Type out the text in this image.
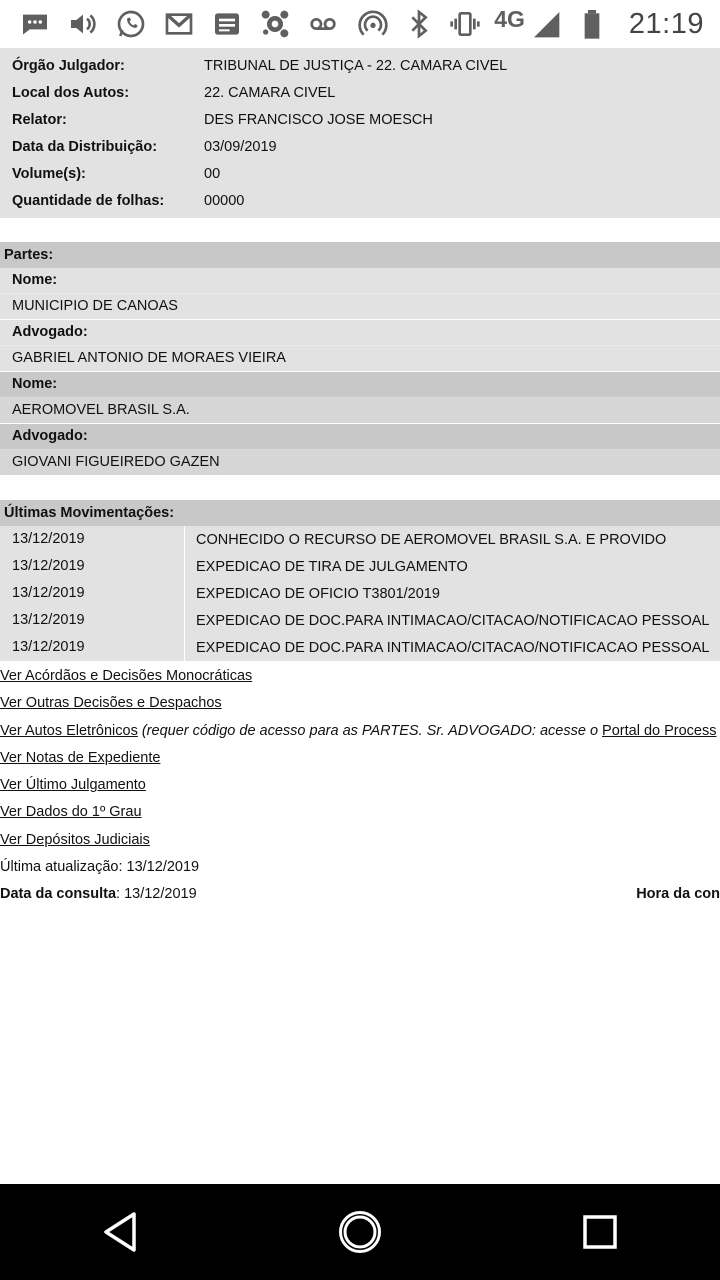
4G	21:19
Órgão Julgador:	TRIBUNAL DE JUSTIÇA - 22. CAMARA CIVEL
Local dos Autos:	22. CAMARA CIVEL
Relator:	DES FRANCISCO JOSE MOESCH
Data da Distribuição:	03/09/2019
Volume(s):	00
Quantidade de folhas:	00000
Partes:
Nome:
MUNICIPIO DE CANOAS
Advogado:
GABRIEL ANTONIO DE MORAES VIEIRA
Nome:
AEROMOVEL BRASIL S.A.
Advogado:
GIOVANI FIGUEIREDO GAZEN
Últimas Movimentações:
13/12/2019	CONHECIDO O RECURSO DE AEROMOVEL BRASIL S.A. E PROVIDO
13/12/2019	EXPEDICAO DE TIRA DE JULGAMENTO
13/12/2019	EXPEDICAO DE OFICIO T3801/2019
13/12/2019	EXPEDICAO DE DOC.PARA INTIMACAO/CITACAO/NOTIFICACAO PESSOAL
13/12/2019	EXPEDICAO DE DOC.PARA INTIMACAO/CITACAO/NOTIFICACAO PESSOAL
Ver Acórdãos e Decisões Monocráticas
Ver Outras Decisões e Despachos
Ver Autos Eletrônicos (requer código de acesso para as PARTES. Sr. ADVOGADO: acesse o Portal do Process
Ver Notas de Expediente
Ver Último Julgamento
Ver Dados do 1º Grau
Ver Depósitos Judiciais
Última atualização: 13/12/2019
Data da consulta: 13/12/2019	Hora da con
